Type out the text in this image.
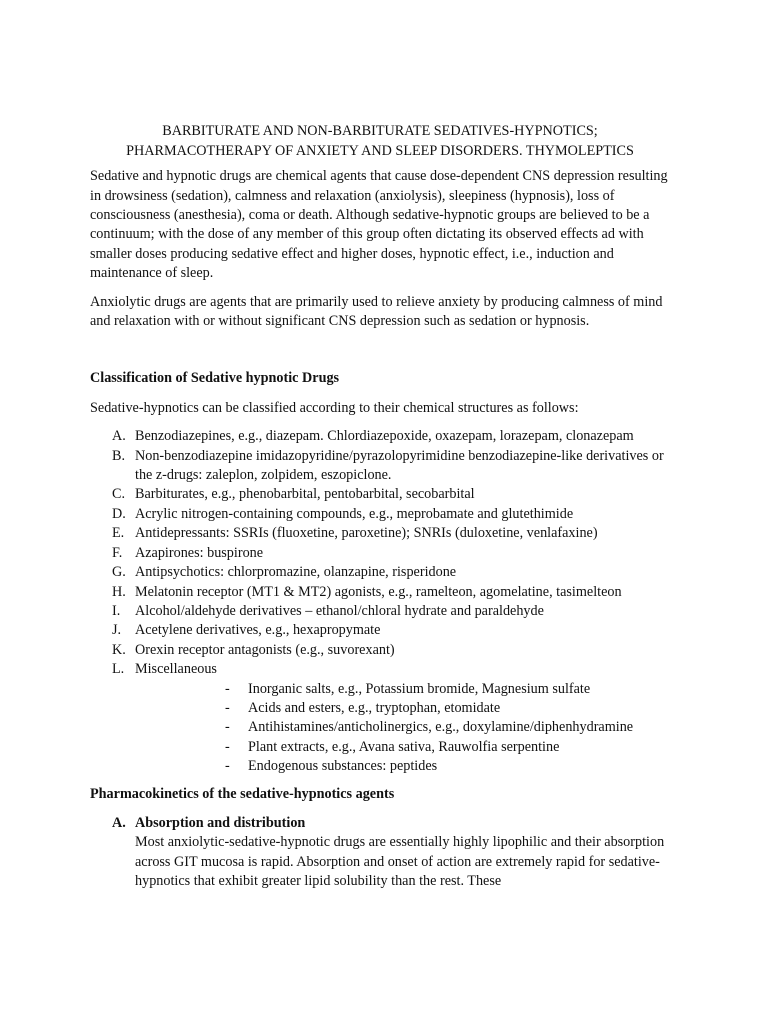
BARBITURATE AND NON-BARBITURATE SEDATIVES-HYPNOTICS;
PHARMACOTHERAPY OF ANXIETY AND SLEEP DISORDERS. THYMOLEPTICS

Sedative and hypnotic drugs are chemical agents that cause dose-dependent CNS depression resulting in drowsiness (sedation), calmness and relaxation (anxiolysis), sleepiness (hypnosis), loss of consciousness (anesthesia), coma or death. Although sedative-hypnotic groups are believed to be a continuum; with the dose of any member of this group often dictating its observed effects ad with smaller doses producing sedative effect and higher doses, hypnotic effect, i.e., induction and maintenance of sleep.

Anxiolytic drugs are agents that are primarily used to relieve anxiety by producing calmness of mind and relaxation with or without significant CNS depression such as sedation or hypnosis.

Classification of Sedative hypnotic Drugs

Sedative-hypnotics can be classified according to their chemical structures as follows:

A. Benzodiazepines, e.g., diazepam. Chlordiazepoxide, oxazepam, lorazepam, clonazepam
B. Non-benzodiazepine imidazopyridine/pyrazolopyrimidine benzodiazepine-like derivatives or the z-drugs: zaleplon, zolpidem, eszopiclone.
C. Barbiturates, e.g., phenobarbital, pentobarbital, secobarbital
D. Acrylic nitrogen-containing compounds, e.g., meprobamate and glutethimide
E. Antidepressants: SSRIs (fluoxetine, paroxetine); SNRIs (duloxetine, venlafaxine)
F. Azapirones: buspirone
G. Antipsychotics: chlorpromazine, olanzapine, risperidone
H. Melatonin receptor (MT1 & MT2) agonists, e.g., ramelteon, agomelatine, tasimelteon
I. Alcohol/aldehyde derivatives – ethanol/chloral hydrate and paraldehyde
J. Acetylene derivatives, e.g., hexapropymate
K. Orexin receptor antagonists (e.g., suvorexant)
L. Miscellaneous
- Inorganic salts, e.g., Potassium bromide, Magnesium sulfate
- Acids and esters, e.g., tryptophan, etomidate
- Antihistamines/anticholinergics, e.g., doxylamine/diphenhydramine
- Plant extracts, e.g., Avana sativa, Rauwolfia serpentine
- Endogenous substances: peptides
Pharmacokinetics of the sedative-hypnotics agents
A. Absorption and distribution
Most anxiolytic-sedative-hypnotic drugs are essentially highly lipophilic and their absorption across GIT mucosa is rapid. Absorption and onset of action are extremely rapid for sedative-hypnotics that exhibit greater lipid solubility than the rest. These
